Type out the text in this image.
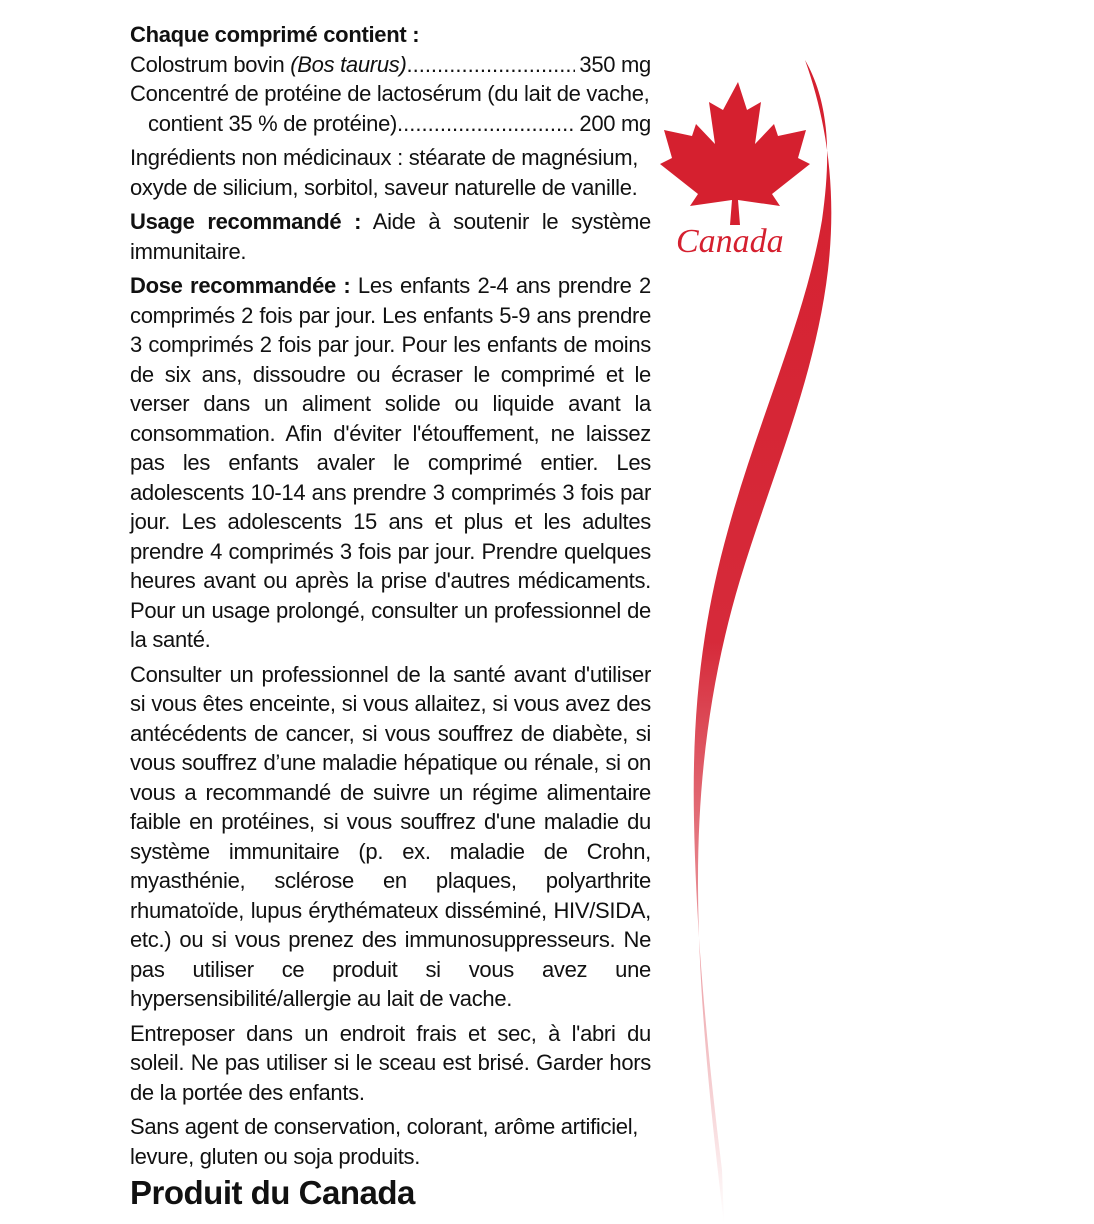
Chaque comprimé contient :

Colostrum bovin (Bos taurus) .....	350 mg
Concentré de protéine de lactosérum (du lait de vache,

contient 35 % de protéine) .....	200 mg

Ingrédients non médicinaux : stéarate de magnésium, oxyde de silicium, sorbitol, saveur naturelle de vanille.

Usage recommandé : Aide à soutenir le système immunitaire.

Dose recommandée : Les enfants 2-4 ans prendre 2 comprimés 2 fois par jour. Les enfants 5-9 ans prendre 3 comprimés 2 fois par jour. Pour les enfants de moins de six ans, dissoudre ou écraser le comprimé et le verser dans un aliment solide ou liquide avant la consommation. Afin d'éviter l'étouffement, ne laissez pas les enfants avaler le comprimé entier. Les adolescents 10-14 ans prendre 3 comprimés 3 fois par jour. Les adolescents 15 ans et plus et les adultes prendre 4 comprimés 3 fois par jour. Prendre quelques heures avant ou après la prise d'autres médicaments. Pour un usage prolongé, consulter un professionnel de la santé.

Consulter un professionnel de la santé avant d'utiliser si vous êtes enceinte, si vous allaitez, si vous avez des antécédents de cancer, si vous souffrez de diabète, si vous souffrez d’une maladie hépatique ou rénale, si on vous a recommandé de suivre un régime alimentaire faible en protéines, si vous souffrez d'une maladie du système immunitaire (p. ex. maladie de Crohn, myasthénie, sclérose en plaques, polyarthrite rhumatoïde, lupus érythémateux disséminé, HIV/SIDA, etc.) ou si vous prenez des immunosuppresseurs. Ne pas utiliser ce produit si vous avez une hypersensibilité/allergie au lait de vache.

Entreposer dans un endroit frais et sec, à l'abri du soleil. Ne pas utiliser si le sceau est brisé. Garder hors de la portée des enfants.

Sans agent de conservation, colorant, arôme artificiel, levure, gluten ou soja produits.

Produit du Canada

Canada
